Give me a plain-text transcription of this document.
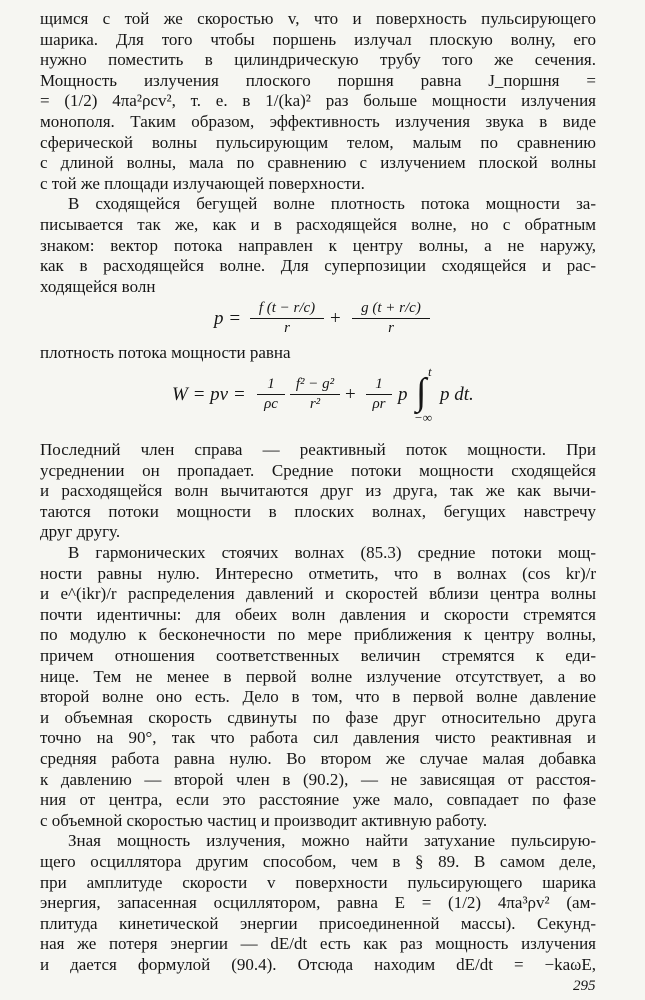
щимся с той же скоростью v, что и поверхность пульсирующего
шарика. Для того чтобы поршень излучал плоскую волну, его
нужно поместить в цилиндрическую трубу того же сечения.
Мощность излучения плоского поршня равна J_поршня =
= (1/2) 4πa²ρcv², т. е. в 1/(ka)² раз больше мощности излучения
монополя. Таким образом, эффективность излучения звука в виде
сферической волны пульсирующим телом, малым по сравнению
с длиной волны, мала по сравнению с излучением плоской волны
с той же площади излучающей поверхности.
В сходящейся бегущей волне плотность потока мощности за-
писывается так же, как и в расходящейся волне, но с обратным
знаком: вектор потока направлен к центру волны, а не наружу,
как в расходящейся волне. Для суперпозиции сходящейся и рас-
ходящейся волн
$p = \frac{f (t - r/c)}{r} + \frac{g (t + r/c)}{r}$
плотность потока мощности равна
W = pv = $\frac{1}{\rho c} \frac{\text{f² − g²}}{\text{r²}} + \frac{1}{\rho r}$ p
t
∫
−∞
p dt.
Последний член справа — реактивный поток мощности. При
усреднении он пропадает. Средние потоки мощности сходящейся
и расходящейся волн вычитаются друг из друга, так же как вычи-
таются потоки мощности в плоских волнах, бегущих навстречу
друг другу.
В гармонических стоячих волнах (85.3) средние потоки мощ-
ности равны нулю. Интересно отметить, что в волнах (cos kr)/r
и e^(ikr)/r распределения давлений и скоростей вблизи центра волны
почти идентичны: для обеих волн давления и скорости стремятся
по модулю к бесконечности по мере приближения к центру волны,
причем отношения соответственных величин стремятся к еди-
нице. Тем не менее в первой волне излучение отсутствует, а во
второй волне оно есть. Дело в том, что в первой волне давление
и объемная скорость сдвинуты по фазе друг относительно друга
точно на 90°, так что работа сил давления чисто реактивная и
средняя работа равна нулю. Во втором же случае малая добавка
к давлению — второй член в (90.2), — не зависящая от расстоя-
ния от центра, если это расстояние уже мало, совпадает по фазе
с объемной скоростью частиц и производит активную работу.
Зная мощность излучения, можно найти затухание пульсирую-
щего осциллятора другим способом, чем в § 89. В самом деле,
при амплитуде скорости v поверхности пульсирующего шарика
энергия, запасенная осциллятором, равна E = (1/2) 4πa³ρv² (ам-
плитуда кинетической энергии присоединенной массы). Секунд-
ная же потеря энергии — dE/dt есть как раз мощность излучения
и дается формулой (90.4). Отсюда находим dE/dt = −kaωE,
295
